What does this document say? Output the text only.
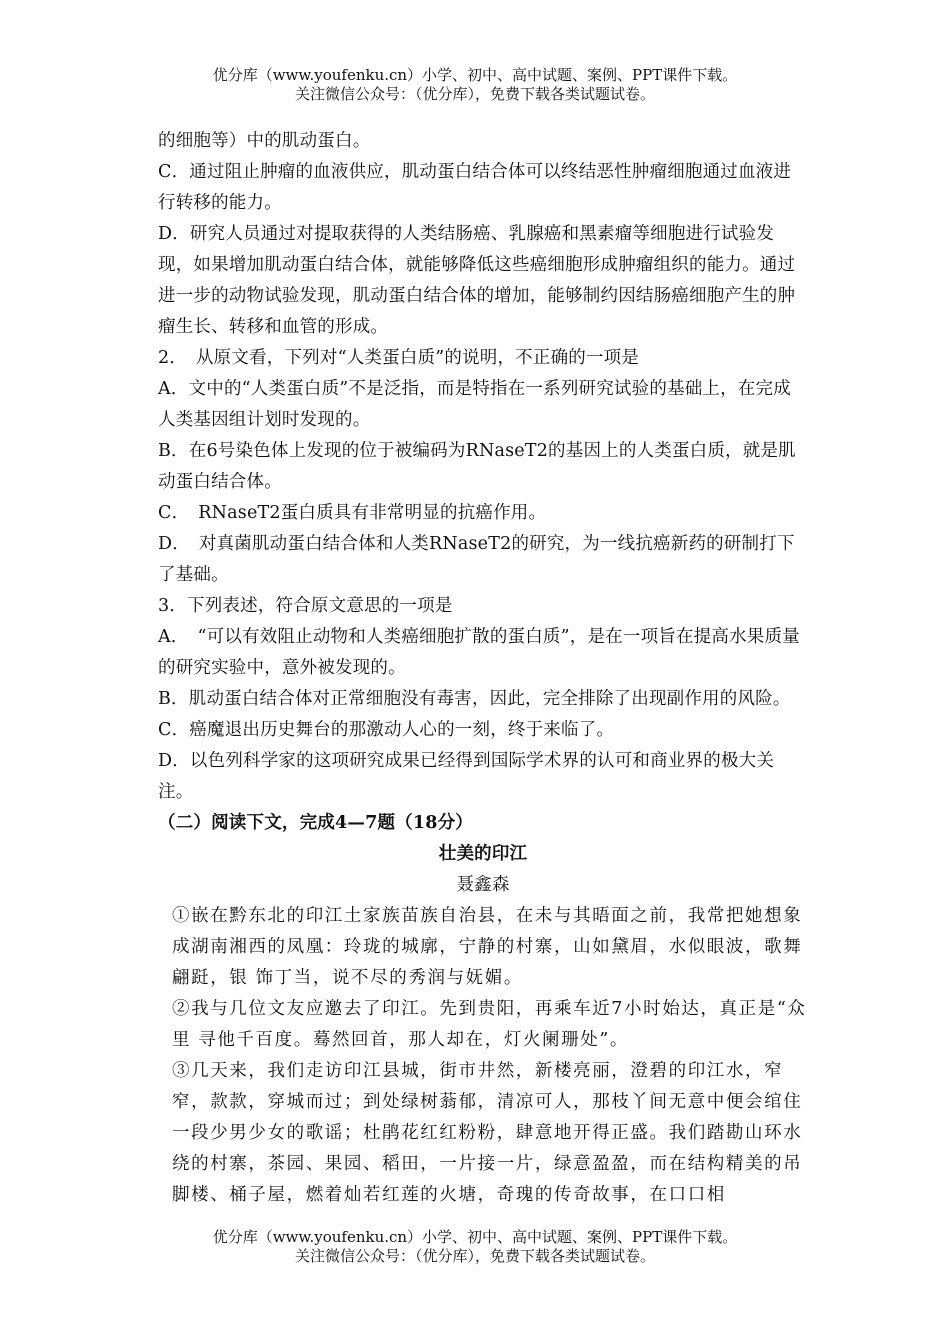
优分库（www.youfenku.cn）小学、初中、高中试题、案例、PPT课件下载。
关注微信公众号：（优分库），免费下载各类试题试卷。

的细胞等）中的肌动蛋白。

C．通过阻止肿瘤的血液供应，肌动蛋白结合体可以终结恶性肿瘤细胞通过血液进行转移的能力。

D．研究人员通过对提取获得的人类结肠癌、乳腺癌和黑素瘤等细胞进行试验发现，如果增加肌动蛋白结合体，就能够降低这些癌细胞形成肿瘤组织的能力。通过进一步的动物试验发现，肌动蛋白结合体的增加，能够制约因结肠癌细胞产生的肿瘤生长、转移和血管的形成。

2．　从原文看，下列对“人类蛋白质”的说明，不正确的一项是

A．文中的“人类蛋白质”不是泛指，而是特指在一系列研究试验的基础上，在完成人类基因组计划时发现的。

B．在6号染色体上发现的位于被编码为RNaseT2的基因上的人类蛋白质，就是肌动蛋白结合体。

C．　RNaseT2蛋白质具有非常明显的抗癌作用。

D．　对真菌肌动蛋白结合体和人类RNaseT2的研究，为一线抗癌新药的研制打下了基础。

3．下列表述，符合原文意思的一项是

A．　“可以有效阻止动物和人类癌细胞扩散的蛋白质”，是在一项旨在提高水果质量的研究实验中，意外被发现的。

B．肌动蛋白结合体对正常细胞没有毒害，因此，完全排除了出现副作用的风险。

C．癌魔退出历史舞台的那激动人心的一刻，终于来临了。

D．以色列科学家的这项研究成果已经得到国际学术界的认可和商业界的极大关注。

（二）阅读下文，完成4—7题（18分）

壮美的印江

聂鑫森

①嵌在黔东北的印江土家族苗族自治县，在未与其晤面之前，我常把她想象成湖南湘西的凤凰：玲珑的城廓，宁静的村寨，山如黛眉，水似眼波，歌舞翩跹，银 饰丁当，说不尽的秀润与妩媚。

②我与几位文友应邀去了印江。先到贵阳，再乘车近7小时始达，真正是“众里 寻他千百度。蓦然回首，那人却在，灯火阑珊处”。

③几天来，我们走访印江县城，街市井然，新楼亮丽，澄碧的印江水，窄窄，款款，穿城而过；到处绿树蓊郁，清凉可人，那枝丫间无意中便会绾住一段少男少女的歌谣；杜鹃花红红粉粉，肆意地开得正盛。我们踏勘山环水绕的村寨，茶园、果园、稻田，一片接一片，绿意盈盈，而在结构精美的吊脚楼、桶子屋，燃着灿若红莲的火塘，奇瑰的传奇故事，在口口相

优分库（www.youfenku.cn）小学、初中、高中试题、案例、PPT课件下载。
关注微信公众号：（优分库），免费下载各类试题试卷。
